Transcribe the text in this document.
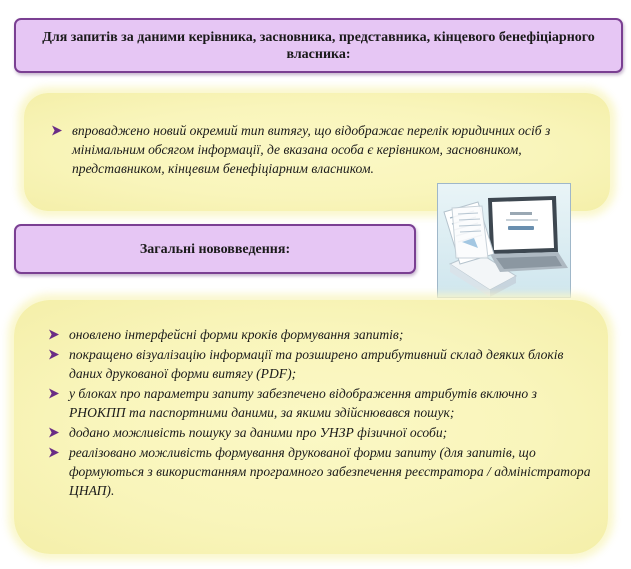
Для запитів за даними керівника, засновника, представника, кінцевого бенефіціарного власника:
впроваджено новий окремий тип витягу, що відображає перелік юридичних осіб з мінімальним обсягом інформації, де вказана особа є керівником, засновником, представником, кінцевим бенефіціарним власником.
Загальні нововведення:
оновлено інтерфейсні форми кроків формування запитів;
покращено візуалізацію інформації та розширено атрибутивний склад деяких блоків даних друкованої форми витягу (PDF);
у блоках про параметри запиту забезпечено відображення атрибутів включно з РНОКПП та паспортними даними, за якими здійснювався пошук;
додано можливість пошуку за даними про УНЗР фізичної особи;
реалізовано можливість формування друкованої форми запиту (для запитів, що формуються з використанням програмного забезпечення реєстратора / адміністратора ЦНАП).
